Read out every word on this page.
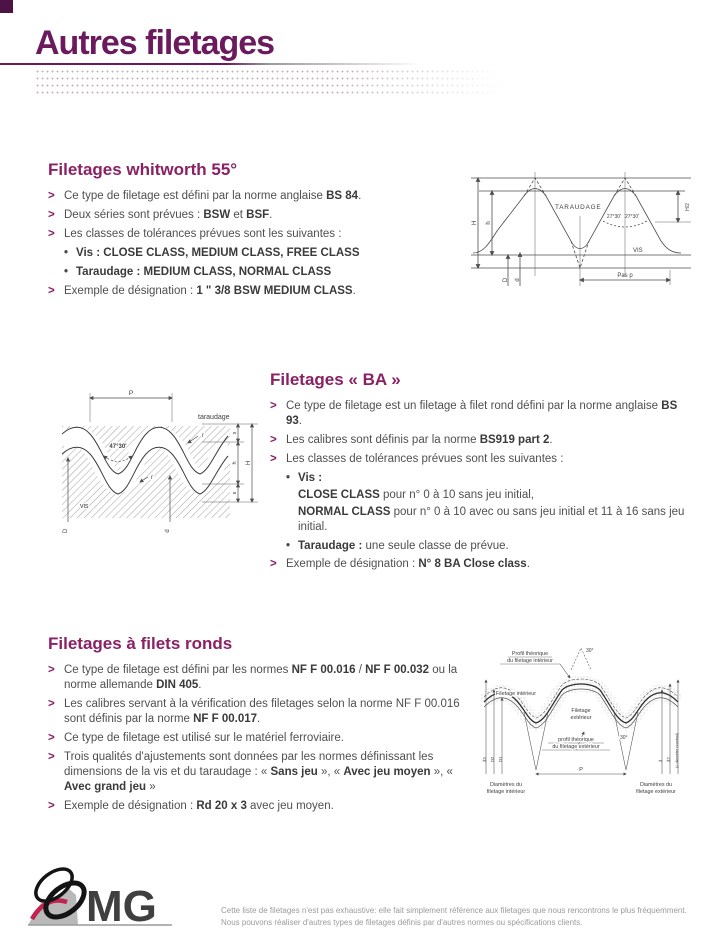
Autres filetages
Filetages whitworth 55°
> Ce type de filetage est défini par la norme anglaise BS 84.
> Deux séries sont prévues : BSW et BSF.
> Les classes de tolérances prévues sont les suivantes :
• Vis : CLOSE CLASS, MEDIUM CLASS, FREE CLASS
• Taraudage : MEDIUM CLASS, NORMAL CLASS
> Exemple de désignation : 1 " 3/8 BSW MEDIUM CLASS.
TARAUDAGE
27°30' 27°30'
VIS
Pas p
H h
D d
H/2
taraudage
P
47°30'
r
r
vis
s
h H
s
D	d
Filetages « BA »
> Ce type de filetage est un filetage à filet rond défini par la norme anglaise BS 93.
> Les calibres sont définis par la norme BS919 part 2.
> Les classes de tolérances prévues sont les suivantes :
• Vis :
CLOSE CLASS pour n° 0 à 10 sans jeu initial,
NORMAL CLASS pour n° 0 à 10 avec ou sans jeu initial et 11 à 16 sans jeu initial.
• Taraudage : une seule classe de prévue.
> Exemple de désignation : N° 8 BA Close class.
Filetages à filets ronds
> Ce type de filetage est défini par les normes NF F 00.016 / NF F 00.032 ou la norme allemande DIN 405.
> Les calibres servant à la vérification des filetages selon la norme NF F 00.016 sont définis par la norme NF F 00.017.
> Ce type de filetage est utilisé sur le matériel ferroviaire.
> Trois qualités d'ajustements sont données par les normes définissant les dimensions de la vis et du taraudage : « Sans jeu », « Avec jeu moyen », « Avec grand jeu »
> Exemple de désignation : Rd 20 x 3 avec jeu moyen.
Profil théorique
du filetage intérieur
Filetage intérieur
Filetage
extérieur
profil théorique
du filetage extérieur
30°
30°
P
d3 D2 D1	d d2 (= diamètre nominal)
Diamètres du
filetage intérieur
Diamètres du
filetage extérieur
MG	Cette liste de filetages n'est pas exhaustive: elle fait simplement référence aux filetages que nous rencontrons le plus fréquemment.
Nous pouvons réaliser d'autres types de filetages définis par d'autres normes ou spécifications clients.
